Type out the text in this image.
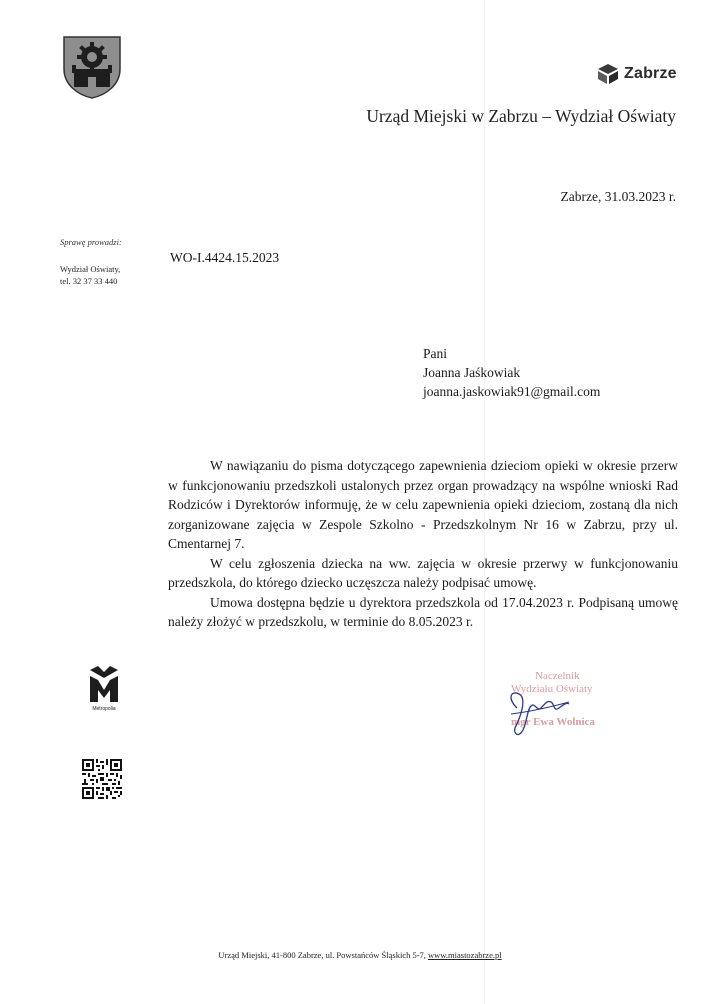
Zabrze
Urząd Miejski w Zabrzu – Wydział Oświaty
Zabrze, 31.03.2023 r.
Sprawę prowadzi:
Wydział Oświaty,
tel. 32 37 33 440
WO-I.4424.15.2023
Pani
Joanna Jaśkowiak
joanna.jaskowiak91@gmail.com

W nawiązaniu do pisma dotyczącego zapewnienia dzieciom opieki w okresie przerw w funkcjonowaniu przedszkoli ustalonych przez organ prowadzący na wspólne wnioski Rad Rodziców i Dyrektorów informuję, że w celu zapewnienia opieki dzieciom, zostaną dla nich zorganizowane zajęcia w Zespole Szkolno - Przedszkolnym Nr 16 w Zabrzu, przy ul. Cmentarnej 7.

W celu zgłoszenia dziecka na ww. zajęcia w okresie przerwy w funkcjonowaniu przedszkola, do którego dziecko uczęszcza należy podpisać umowę.

Umowa dostępna będzie u dyrektora przedszkola od 17.04.2023 r. Podpisaną umowę należy złożyć w przedszkolu, w terminie do 8.05.2023 r.

Naczelnik
Wydziału Oświaty
mgr Ewa Wolnica
Metropolia
Urząd Miejski, 41-800 Zabrze, ul. Powstańców Śląskich 5-7, www.miastozabrze.pl
